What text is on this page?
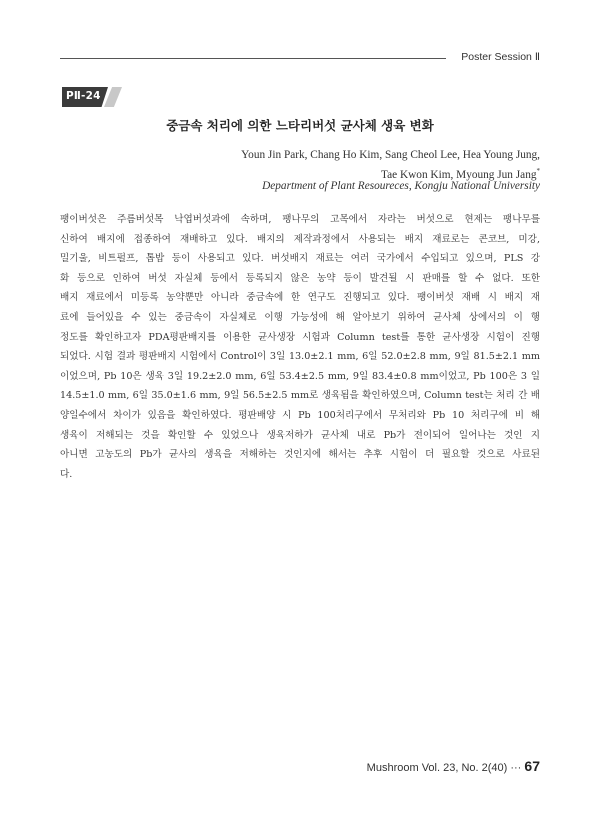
Poster Session Ⅱ
PⅡ-24
중금속 처리에 의한 느타리버섯 균사체 생육 변화
Youn Jin Park, Chang Ho Kim, Sang Cheol Lee, Hea Young Jung,
Tae Kwon Kim, Myoung Jun Jang*
Department of Plant Resoureces, Kongju National University
팽이버섯은 주름버섯목 낙엽버섯과에 속하며, 팽나무의 고목에서 자라는 버섯으로 현제는 팽나무를
신하여 배지에 접종하여 재배하고 있다. 배지의 제작과정에서 사용되는 배지 재료로는 콘코브, 미강,
밀기울, 비트펄프, 톱밥 등이 사용되고 있다. 버섯배지 재료는 여러 국가에서 수입되고 있으며, PLS 강
화 등으로 인하여 버섯 자실체 등에서 등록되지 않은 농약 등이 발견될 시 판매를 할 수 없다. 또한
배지 재료에서 미등록 농약뿐만 아니라 중금속에 한 연구도 진행되고 있다. 팽이버섯 재배 시 배지 재
료에 들어있을 수 있는 중금속이 자실체로 이행 가능성에 해 알아보기 위하여 균사체 상에서의 이 행
정도를 확인하고자 PDA평판배지를 이용한 균사생장 시험과 Column test를 통한 균사생장 시험이 진행
되었다. 시험 결과 평판배지 시험에서 Control이 3일 13.0±2.1 mm, 6일 52.0±2.8 mm, 9일 81.5±2.1 mm
이었으며, Pb 10은 생육 3일 19.2±2.0 mm, 6일 53.4±2.5 mm, 9일 83.4±0.8 mm이었고, Pb 100은 3 일
14.5±1.0 mm, 6일 35.0±1.6 mm, 9일 56.5±2.5 mm로 생육됨을 확인하였으며, Column test는 처리 간 배
양일수에서 차이가 있음을 확인하였다. 평판배양 시 Pb 100처리구에서 무처리와 Pb 10 처리구에 비 해
생육이 저해되는 것을 확인할 수 있었으나 생육저하가 균사체 내로 Pb가 전이되어 일어나는 것인 지
아니면 고농도의 Pb가 균사의 생육을 저해하는 것인지에 해서는 추후 시험이 더 필요할 것으로 사료된
다.
Mushroom Vol. 23, No. 2(40) ··· 67
